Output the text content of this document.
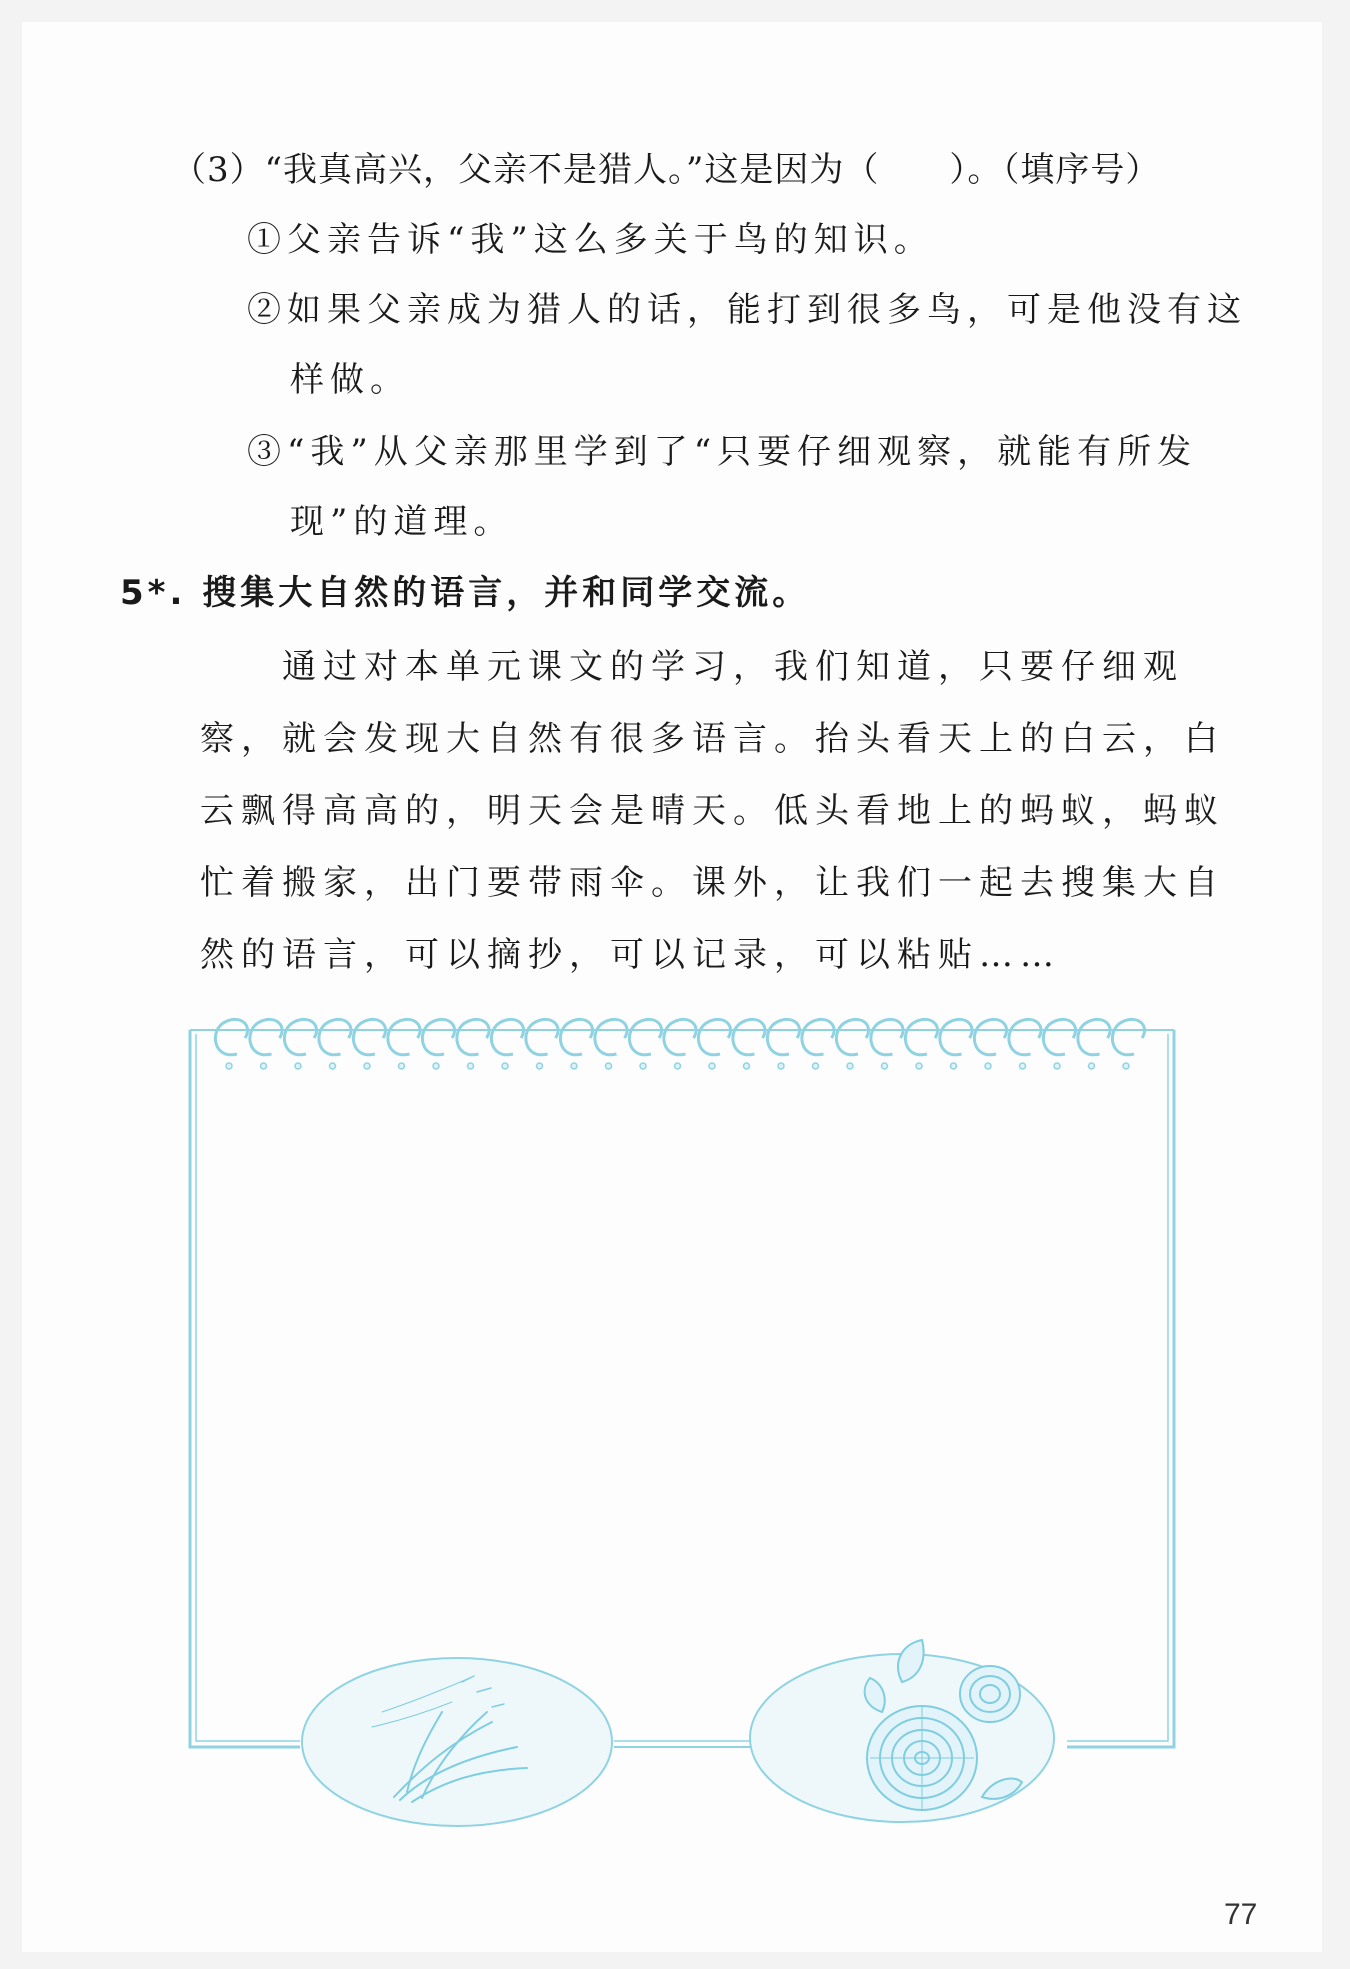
（3）“我真高兴，父亲不是猎人。”这是因为（　　）。（填序号）
①父亲告诉“我”这么多关于鸟的知识。
②如果父亲成为猎人的话，能打到很多鸟，可是他没有这
样做。
③“我”从父亲那里学到了“只要仔细观察，就能有所发
现”的道理。
5*. 搜集大自然的语言，并和同学交流。
通过对本单元课文的学习，我们知道，只要仔细观
察，就会发现大自然有很多语言。抬头看天上的白云，白
云飘得高高的，明天会是晴天。低头看地上的蚂蚁，蚂蚁
忙着搬家，出门要带雨伞。课外，让我们一起去搜集大自
然的语言，可以摘抄，可以记录，可以粘贴……
77
